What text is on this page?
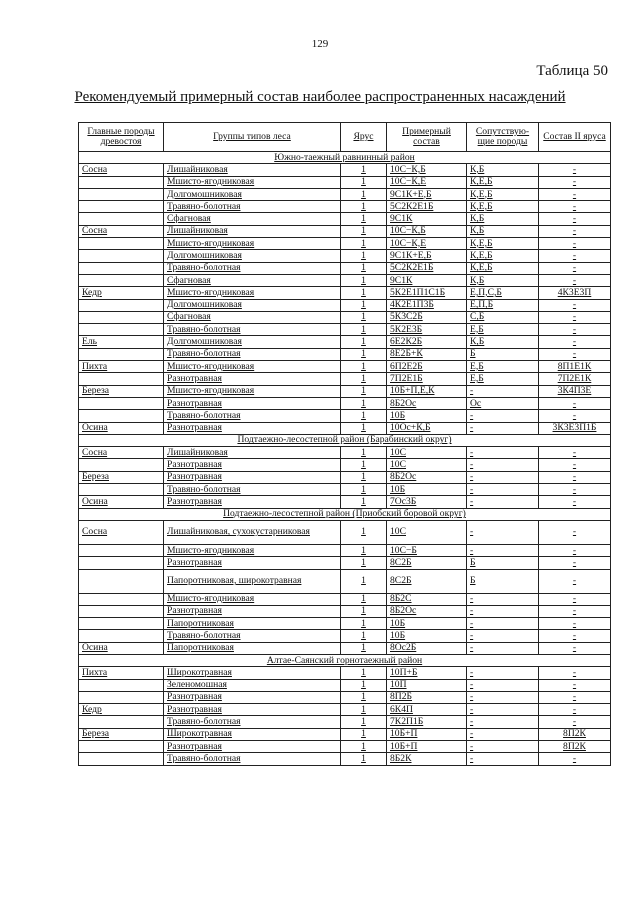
129
Таблица 50
Рекомендуемый примерный состав наиболее распространенных насаждений
Главные породы древостоя	Группы типов леса	Ярус	Примерный состав	Сопутствую-щие породы	Состав II яруса
Южно-таежный равнинный район					
Сосна	Лишайниковая	1	10С−К,Б	К,Б	-
	Мшисто-ягодниковая	1	10С−К,Е	К,Е,Б	-
	Долгомошниковая	1	9С1К+Е,Б	К,Е,Б	-
	Травяно-болотная	1	5С2К2Е1Б	К,Е,Б	-
	Сфагновая	1	9С1К	К,Б	-
Сосна	Лишайниковая	1	10С−К,Б	К,Б	-
	Мшисто-ягодниковая	1	10С−К,Е	К,Е,Б	-
	Долгомошниковая	1	9С1К+Е,Б	К,Е,Б	-
	Травяно-болотная	1	5С2К2Е1Б	К,Е,Б	-
	Сфагновая	1	9С1К	К,Б	-
Кедр	Мшисто-ягодниковая	1	5К2Е1П1С1Б	Е,П,С,Б	4К3Е3П
	Долгомошниковая	1	4К2Е1П3Б	Е,П,Б	-
	Сфагновая	1	5К3С2Б	С,Б	-
	Травяно-болотная	1	5К2Е3Б	Е,Б	-
Ель	Долгомошниковая	1	6Е2К2Б	К,Б	-
	Травяно-болотная	1	8Е2Б+К	Б	-
Пихта	Мшисто-ягодниковая	1	6П2Е2Б	Е,Б	8П1Е1К
	Разнотравная	1	7П2Е1Б	Е,Б	7П2Е1К
Береза	Мшисто-ягодниковая	1	10Б+П,Е,К	-	3К4П3Е
	Разнотравная	1	8Б2Ос	Ос	-
	Травяно-болотная	1	10Б	-	-
Осина	Разнотравная	1	10Ос+К,Б	-	3К3Е3П1Б
Подтаежно-лесостепной район (Барабинский округ)					
Сосна	Лишайниковая	1	10С	-	-
	Разнотравная	1	10С	-	-
Береза	Разнотравная	1	8Б2Ос	-	-
	Травяно-болотная	1	10Б	-	-
Осина	Разнотравная	1	7Ос3Б	-	-
Подтаежно-лесостепной район (Приобский боровой округ)					
Сосна	Лишайниковая, сухокустарниковая	1	10С	-	-
	Мшисто-ягодниковая	1	10С−Б	-	-
	Разнотравная	1	8С2Б	Б	-
	Папоротниковая, широкотравная	1	8С2Б	Б	-
	Мшисто-ягодниковая	1	8Б2С	-	-
	Разнотравная	1	8Б2Ос	-	-
	Папоротниковая	1	10Б	-	-
	Травяно-болотная	1	10Б	-	-
Осина	Папоротниковая	1	8Ос2Б	-	-
Алтае-Саянский горнотаежный район					
Пихта	Широкотравная	1	10П+Б	-	-
	Зеленомошная	1	10П	-	-
	Разнотравная	1	8П2Б	-	-
Кедр	Разнотравная	1	6К4П	-	-
	Травяно-болотная	1	7К2П1Б	-	-
Береза	Широкотравная	1	10Б+П	-	8П2К
	Разнотравная	1	10Б+П	-	8П2К
	Травяно-болотная	1	8Б2К	-	-
